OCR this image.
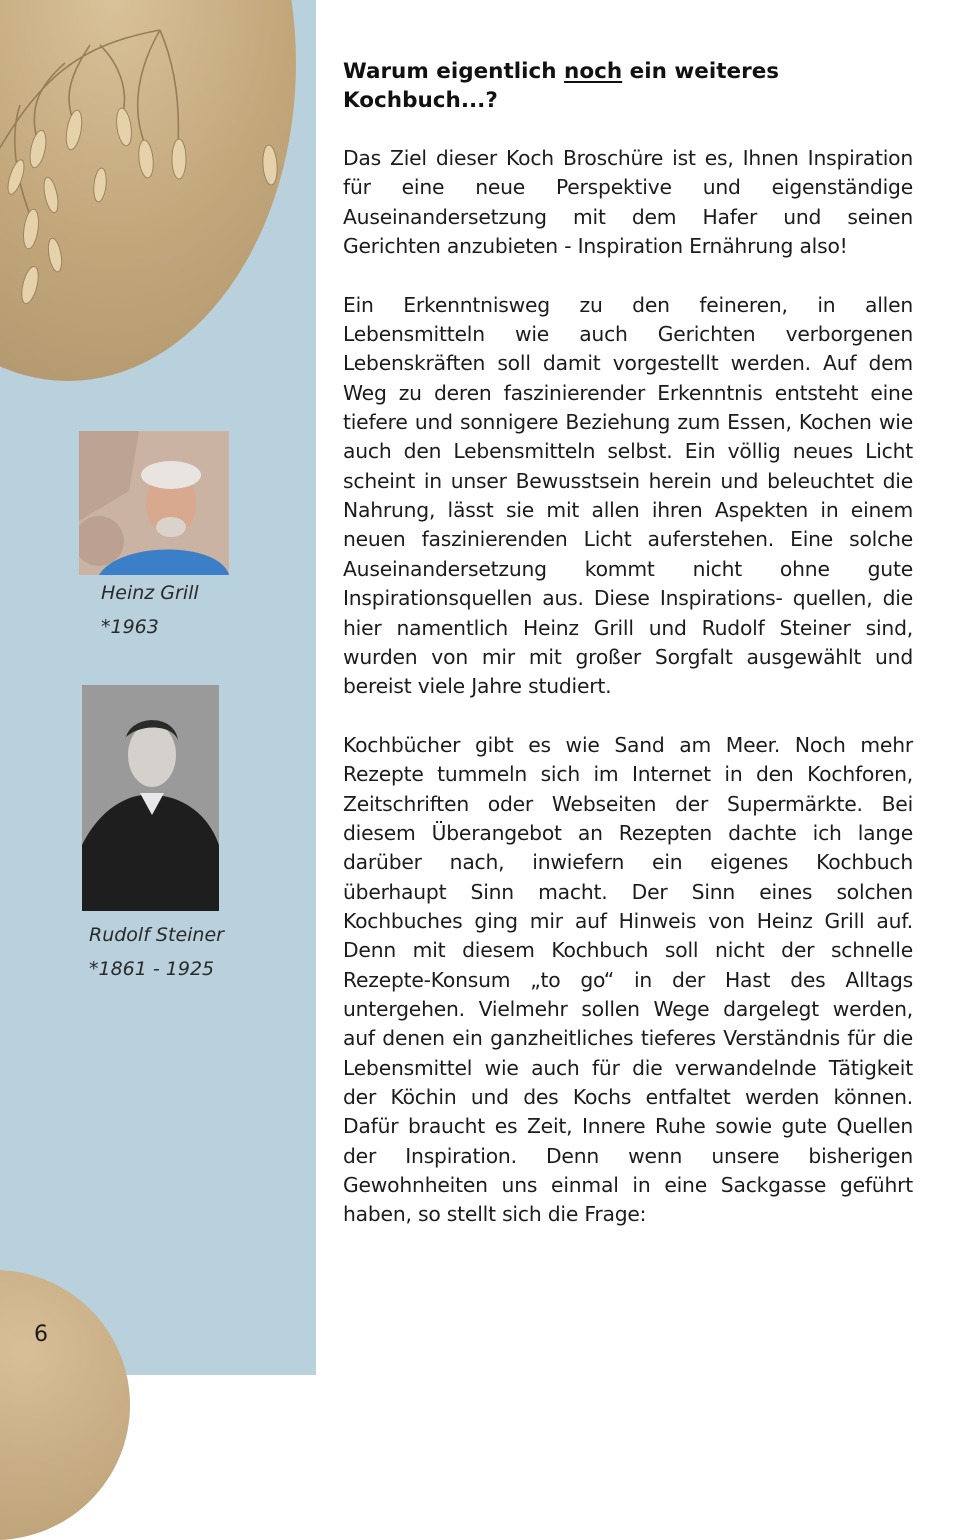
Heinz Grill
*1963
Rudolf Steiner
*1861 - 1925

6

Warum eigentlich noch ein weiteres Kochbuch...?

Das Ziel dieser Koch Broschüre ist es, Ihnen Inspiration für eine neue Perspektive und eigenständige Auseinandersetzung mit dem Hafer und seinen Gerichten anzubieten - Inspiration Ernährung also!

Ein Erkenntnisweg zu den feineren, in allen Lebensmitteln wie auch Gerichten verborgenen Lebenskräften soll damit vorgestellt werden. Auf dem Weg zu deren faszinierender Erkenntnis entsteht eine tiefere und sonnigere Beziehung zum Essen, Kochen wie auch den Lebensmitteln selbst. Ein völlig neues Licht scheint in unser Bewusstsein herein und beleuchtet die Nahrung, lässt sie mit allen ihren Aspekten in einem neuen faszinierenden Licht auferstehen. Eine solche Auseinandersetzung kommt nicht ohne gute Inspirationsquellen aus. Diese Inspirations- quellen, die hier namentlich Heinz Grill und Rudolf Steiner sind, wurden von mir mit großer Sorgfalt ausgewählt und bereist viele Jahre studiert.

Kochbücher gibt es wie Sand am Meer. Noch mehr Rezepte tummeln sich im Internet in den Kochforen, Zeitschriften oder Webseiten der Supermärkte. Bei diesem Überangebot an Rezepten dachte ich lange darüber nach, inwiefern ein eigenes Kochbuch überhaupt Sinn macht. Der Sinn eines solchen Kochbuches ging mir auf Hinweis von Heinz Grill auf. Denn mit diesem Kochbuch soll nicht der schnelle Rezepte-Konsum „to go“ in der Hast des Alltags untergehen. Vielmehr sollen Wege dargelegt werden, auf denen ein ganzheitliches tieferes Verständnis für die Lebensmittel wie auch für die verwandelnde Tätigkeit der Köchin und des Kochs entfaltet werden können. Dafür braucht es Zeit, Innere Ruhe sowie gute Quellen der Inspiration. Denn wenn unsere bisherigen Gewohnheiten uns einmal in eine Sackgasse geführt haben, so stellt sich die Frage:
